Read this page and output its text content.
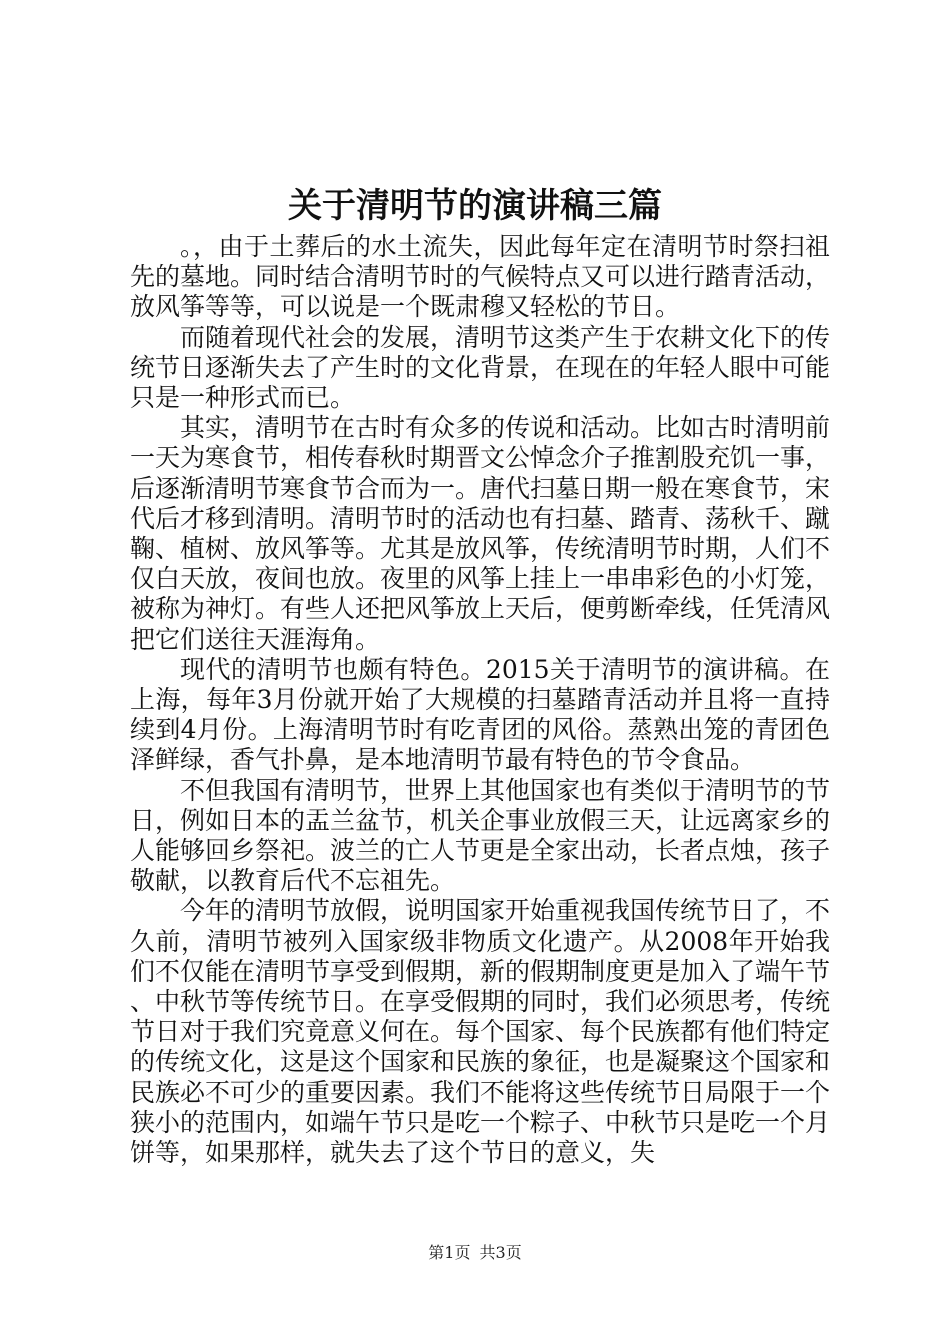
关于清明节的演讲稿三篇

。，由于土葬后的水土流失，因此每年定在清明节时祭扫祖先的墓地。同时结合清明节时的气候特点又可以进行踏青活动，放风筝等等，可以说是一个既肃穆又轻松的节日。

而随着现代社会的发展，清明节这类产生于农耕文化下的传统节日逐渐失去了产生时的文化背景，在现在的年轻人眼中可能只是一种形式而已。

其实，清明节在古时有众多的传说和活动。比如古时清明前一天为寒食节，相传春秋时期晋文公悼念介子推割股充饥一事，后逐渐清明节寒食节合而为一。唐代扫墓日期一般在寒食节，宋代后才移到清明。清明节时的活动也有扫墓、踏青、荡秋千、蹴鞠、植树、放风筝等。尤其是放风筝，传统清明节时期，人们不仅白天放，夜间也放。夜里的风筝上挂上一串串彩色的小灯笼，被称为神灯。有些人还把风筝放上天后，便剪断牵线，任凭清风把它们送往天涯海角。

现代的清明节也颇有特色。2015关于清明节的演讲稿。在上海，每年3月份就开始了大规模的扫墓踏青活动并且将一直持续到4月份。上海清明节时有吃青团的风俗。蒸熟出笼的青团色泽鲜绿，香气扑鼻，是本地清明节最有特色的节令食品。

不但我国有清明节，世界上其他国家也有类似于清明节的节日，例如日本的盂兰盆节，机关企事业放假三天，让远离家乡的人能够回乡祭祀。波兰的亡人节更是全家出动，长者点烛，孩子敬献，以教育后代不忘祖先。

今年的清明节放假，说明国家开始重视我国传统节日了，不久前，清明节被列入国家级非物质文化遗产。从2008年开始我们不仅能在清明节享受到假期，新的假期制度更是加入了端午节、中秋节等传统节日。在享受假期的同时，我们必须思考，传统节日对于我们究竟意义何在。每个国家、每个民族都有他们特定的传统文化，这是这个国家和民族的象征，也是凝聚这个国家和民族必不可少的重要因素。我们不能将这些传统节日局限于一个狭小的范围内，如端午节只是吃一个粽子、中秋节只是吃一个月饼等，如果那样，就失去了这个节日的意义，失

第1页 共3页
